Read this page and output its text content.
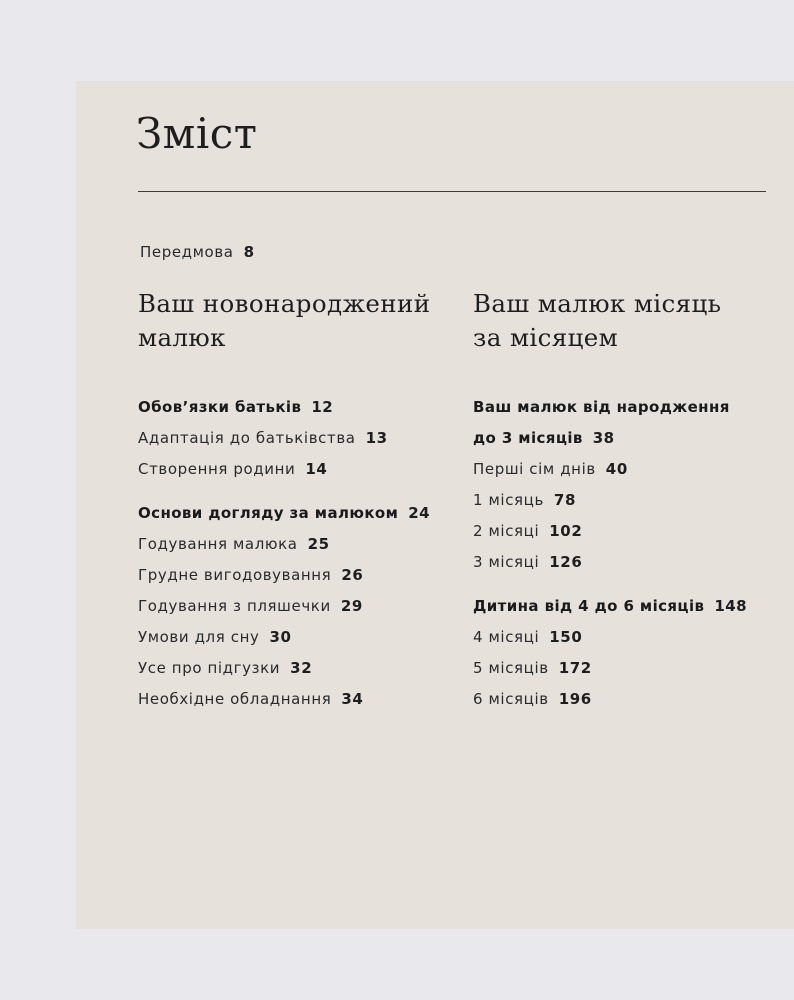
Зміст
Передмова 8
Ваш новонароджений
малюк
Обов’язки батьків 12
Адаптація до батьківства 13
Створення родини 14
Основи догляду за малюком 24
Годування малюка 25
Грудне вигодовування 26
Годування з пляшечки 29
Умови для сну 30
Усе про підгузки 32
Необхідне обладнання 34
Ваш малюк місяць
за місяцем
Ваш малюк від народження
до 3 місяців 38
Перші сім днів 40
1 місяць 78
2 місяці 102
3 місяці 126
Дитина від 4 до 6 місяців 148
4 місяці 150
5 місяців 172
6 місяців 196
